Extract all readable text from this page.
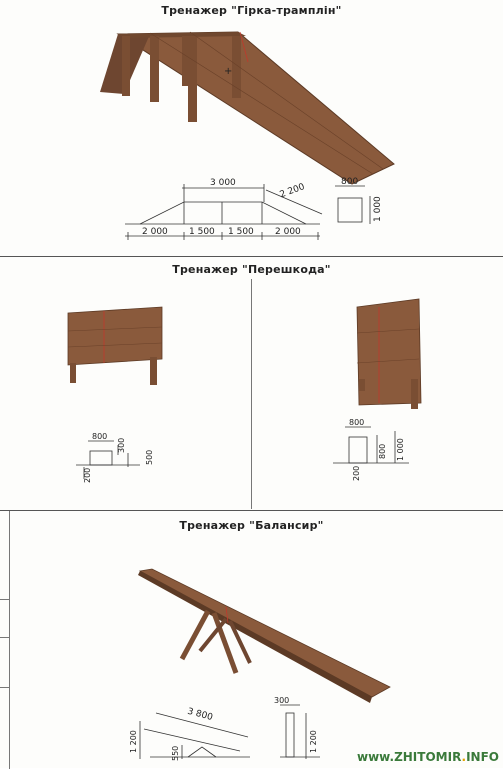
Тренажер "Гірка-трамплін"
+
3 000	2 200
2 000 1 500 1 500 2 000
800
1 000
Тренажер "Перешкода"
800
300
500
200
800
800 1 000
200
Тренажер "Балансир"
3 800
1 200
550
300
1 200
www.ZHITOMIR.INFO
